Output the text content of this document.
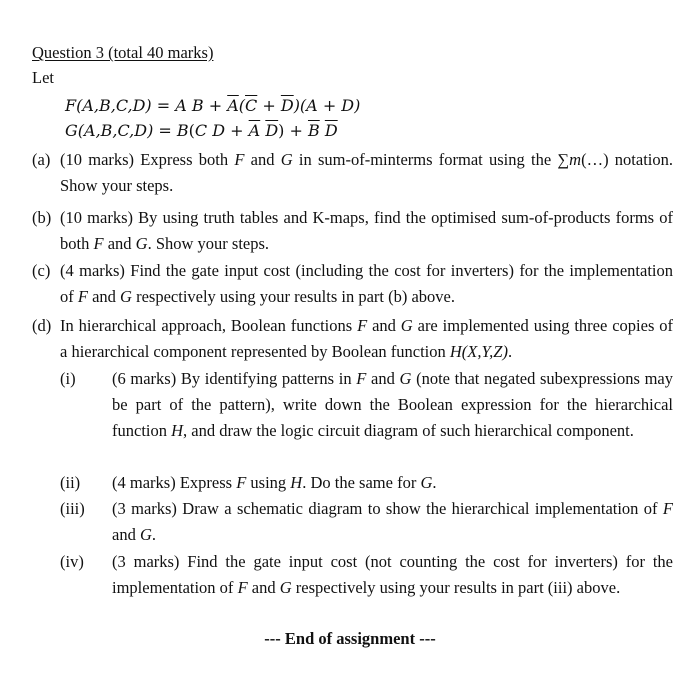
Question 3 (total 40 marks)
Let
F(A,B,C,D) = A $B + \overline{A}(\overline{C} + \overline{D})(A + D)$
G(A,B,C,D) = B(C $D + \overline{A}$ $\overline{D}) + \overline{B}$ $\overline{D}$
(a) (10 marks) Express both F and G in sum-of-minterms format using the ∑m(…) notation. Show your steps.
(b) (10 marks) By using truth tables and K-maps, find the optimised sum-of-products forms of both F and G. Show your steps.
(c) (4 marks) Find the gate input cost (including the cost for inverters) for the implementation of F and G respectively using your results in part (b) above.
(d) In hierarchical approach, Boolean functions F and G are implemented using three copies of a hierarchical component represented by Boolean function H(X,Y,Z).
(i) (6 marks) By identifying patterns in F and G (note that negated subexpressions may be part of the pattern), write down the Boolean expression for the hierarchical function H, and draw the logic circuit diagram of such hierarchical component.
(ii) (4 marks) Express F using H. Do the same for G.
(iii) (3 marks) Draw a schematic diagram to show the hierarchical implementation of F and G.
(iv) (3 marks) Find the gate input cost (not counting the cost for inverters) for the implementation of F and G respectively using your results in part (iii) above.
--- End of assignment ---
